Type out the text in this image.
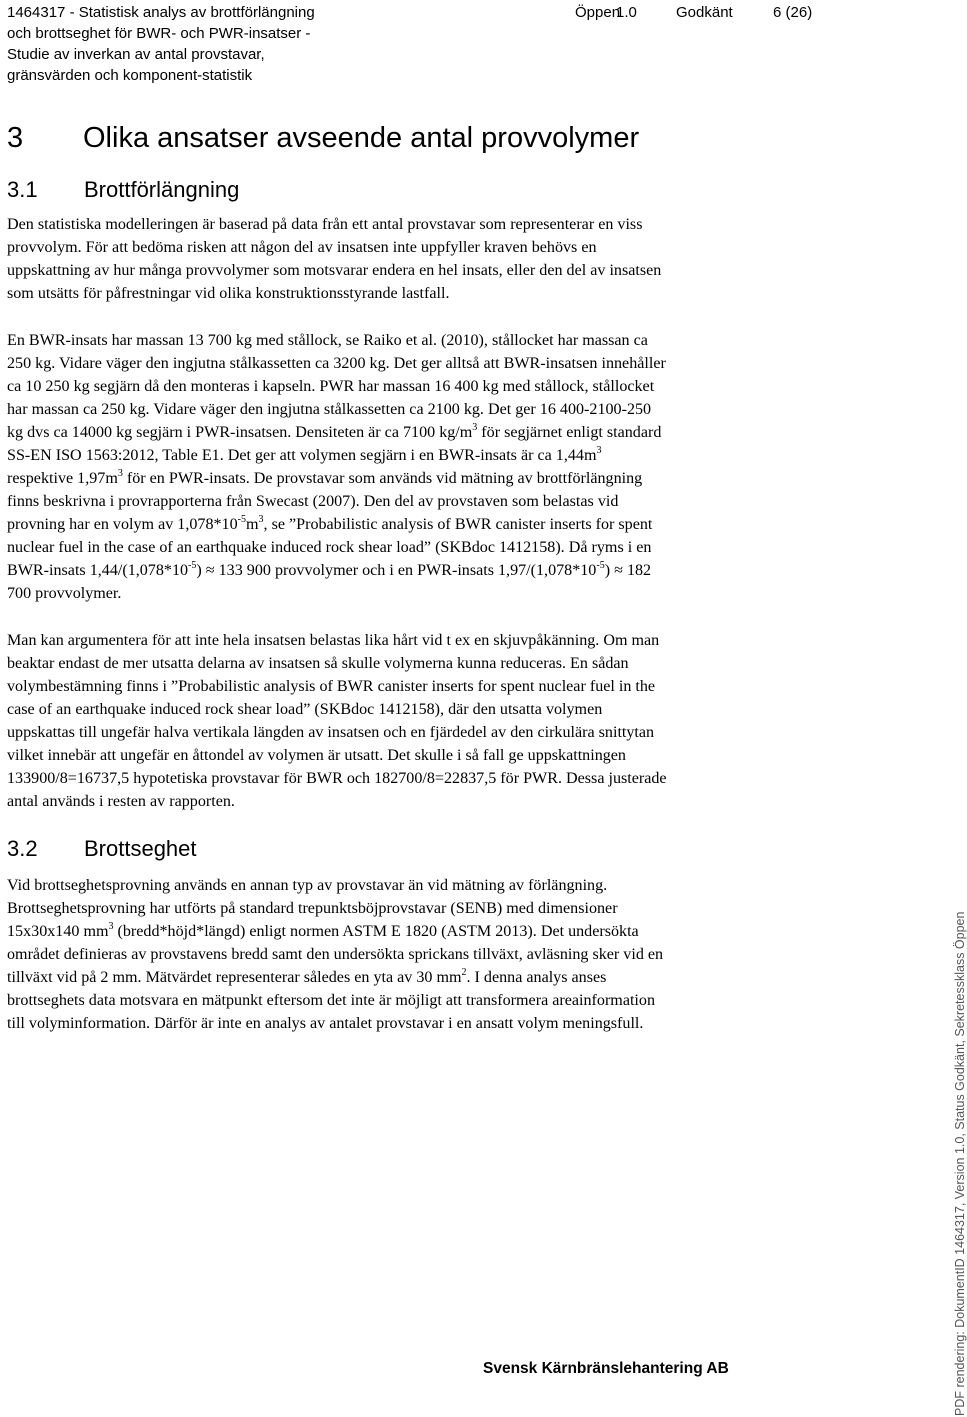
1464317 - Statistisk analys av brottförlängning
och brottseghet för BWR- och PWR-insatser -
Studie av inverkan av antal provstavar,
gränsvärden och komponent-statistik
Öppen1.0	Godkänt	6 (26)
3 Olika ansatser avseende antal provvolymer
3.1 Brottförlängning
Den statistiska modelleringen är baserad på data från ett antal provstavar som representerar en viss
provvolym. För att bedöma risken att någon del av insatsen inte uppfyller kraven behövs en
uppskattning av hur många provvolymer som motsvarar endera en hel insats, eller den del av insatsen
som utsätts för påfrestningar vid olika konstruktionsstyrande lastfall.
En BWR-insats har massan 13 700 kg med stållock, se Raiko et al. (2010), stållocket har massan ca
250 kg. Vidare väger den ingjutna stålkassetten ca 3200 kg. Det ger alltså att BWR-insatsen innehåller
ca 10 250 kg segjärn då den monteras i kapseln. PWR har massan 16 400 kg med stållock, stållocket
har massan ca 250 kg. Vidare väger den ingjutna stålkassetten ca 2100 kg. Det ger 16 400-2100-250
kg dvs ca 14000 kg segjärn i PWR-insatsen. Densiteten är ca 7100 $kg/m^3$ för segjärnet enligt standard
SS-EN ISO 1563:2012, Table E1. Det ger att volymen segjärn i en BWR-insats är ca $1,44m^3$
respektive $1,97m^3$ för en PWR-insats. De provstavar som används vid mätning av brottförlängning
finns beskrivna i provrapporterna från Swecast (2007). Den del av provstaven som belastas vid
provning har en volym av $1,078*10^{-5}m^3$, se ”Probabilistic analysis of BWR canister inserts for spent
nuclear fuel in the case of an earthquake induced rock shear load” (SKBdoc 1412158). Då ryms i en
BWR-insats $1,44/(1,078*10^{-5}) \approx 133$ 900 provvolymer och i en PWR-insats $1,97/(1,078*10^{-5}) \approx 182$
700 provvolymer.
Man kan argumentera för att inte hela insatsen belastas lika hårt vid t ex en skjuvpåkänning. Om man
beaktar endast de mer utsatta delarna av insatsen så skulle volymerna kunna reduceras. En sådan
volymbestämning finns i ”Probabilistic analysis of BWR canister inserts for spent nuclear fuel in the
case of an earthquake induced rock shear load” (SKBdoc 1412158), där den utsatta volymen
uppskattas till ungefär halva vertikala längden av insatsen och en fjärdedel av den cirkulära snittytan
vilket innebär att ungefär en åttondel av volymen är utsatt. Det skulle i så fall ge uppskattningen
133900/8=16737,5 hypotetiska provstavar för BWR och 182700/8=22837,5 för PWR. Dessa justerade
antal används i resten av rapporten.
3.2 Brottseghet
Vid brottseghetsprovning används en annan typ av provstavar än vid mätning av förlängning.
Brottseghetsprovning har utförts på standard trepunktsböjprovstavar (SENB) med dimensioner
15x30x140 $mm^3$ (bredd*höjd*längd) enligt normen ASTM E 1820 (ASTM 2013). Det undersökta
området definieras av provstavens bredd samt den undersökta sprickans tillväxt, avläsning sker vid en
tillväxt vid på 2 mm. Mätvärdet representerar således en yta av 30 $mm^2$. I denna analys anses
brottseghets data motsvara en mätpunkt eftersom det inte är möjligt att transformera areainformation
till volyminformation. Därför är inte en analys av antalet provstavar i en ansatt volym meningsfull.
Svensk Kärnbränslehantering AB	PDF rendering: DokumentID 1464317, Version 1.0, Status Godkänt, Sekretessklass Öppen
